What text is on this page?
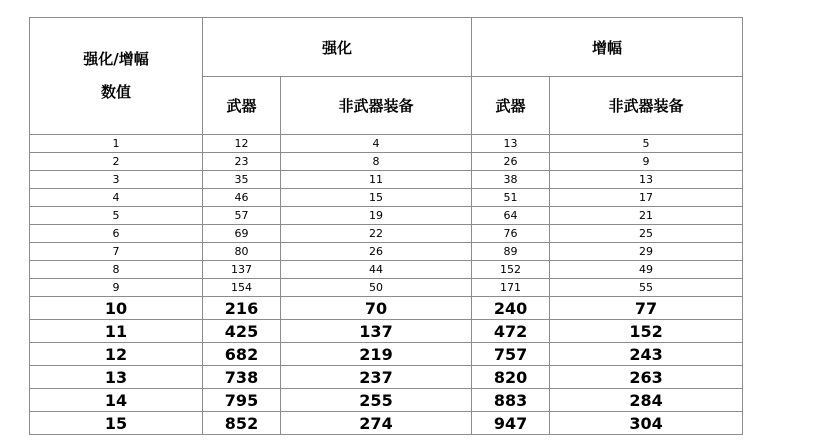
强化/增幅
数值	强化		增幅	
	武器	非武器装备	武器	非武器装备
1	12	4	13	5
2	23	8	26	9
3	35	11	38	13
4	46	15	51	17
5	57	19	64	21
6	69	22	76	25
7	80	26	89	29
8	137	44	152	49
9	154	50	171	55
10	216	70	240	77
11	425	137	472	152
12	682	219	757	243
13	738	237	820	263
14	795	255	883	284
15	852	274	947	304
